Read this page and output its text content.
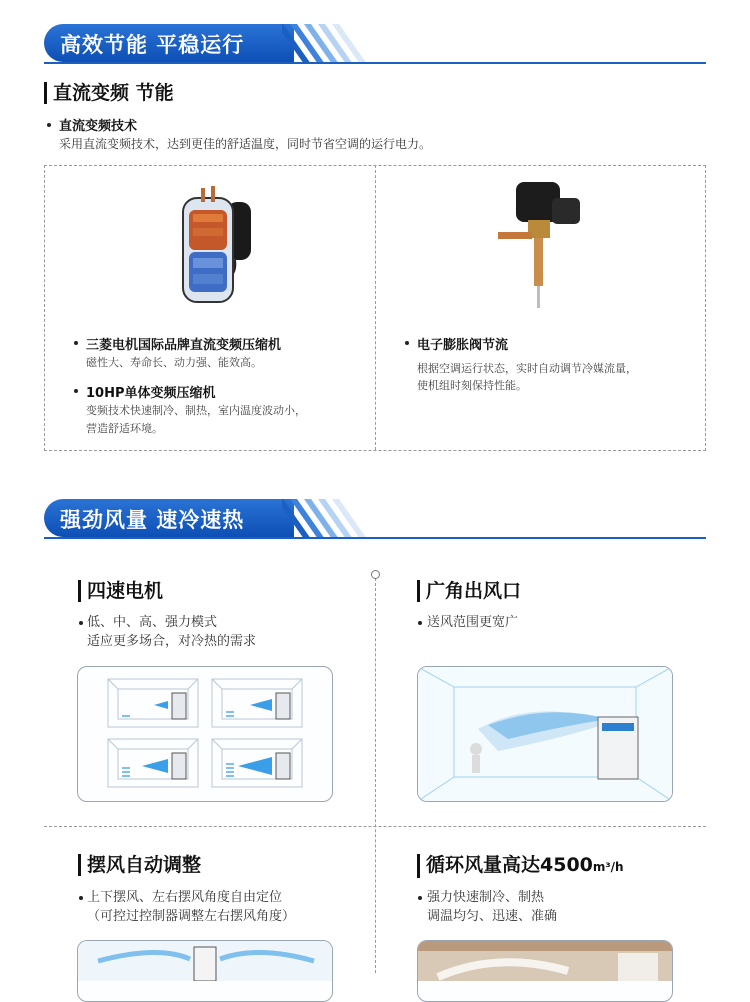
高效节能 平稳运行
直流变频 节能
直流变频技术
采用直流变频技术，达到更佳的舒适温度，同时节省空调的运行电力。
三菱电机国际品牌直流变频压缩机
磁性大、寿命长、动力强、能效高。
10HP单体变频压缩机
变频技术快速制冷、制热，室内温度波动小，
营造舒适环境。
电子膨胀阀节流
根据空调运行状态，实时自动调节冷媒流量，
使机组时刻保持性能。
强劲风量 速冷速热
四速电机
低、中、高、强力模式
适应更多场合，对冷热的需求
广角出风口
送风范围更宽广
摆风自动调整
上下摆风、左右摆风角度自由定位
（可控过控制器调整左右摆风角度）
循环风量高达4500m³/h
强力快速制冷、制热
调温均匀、迅速、准确
